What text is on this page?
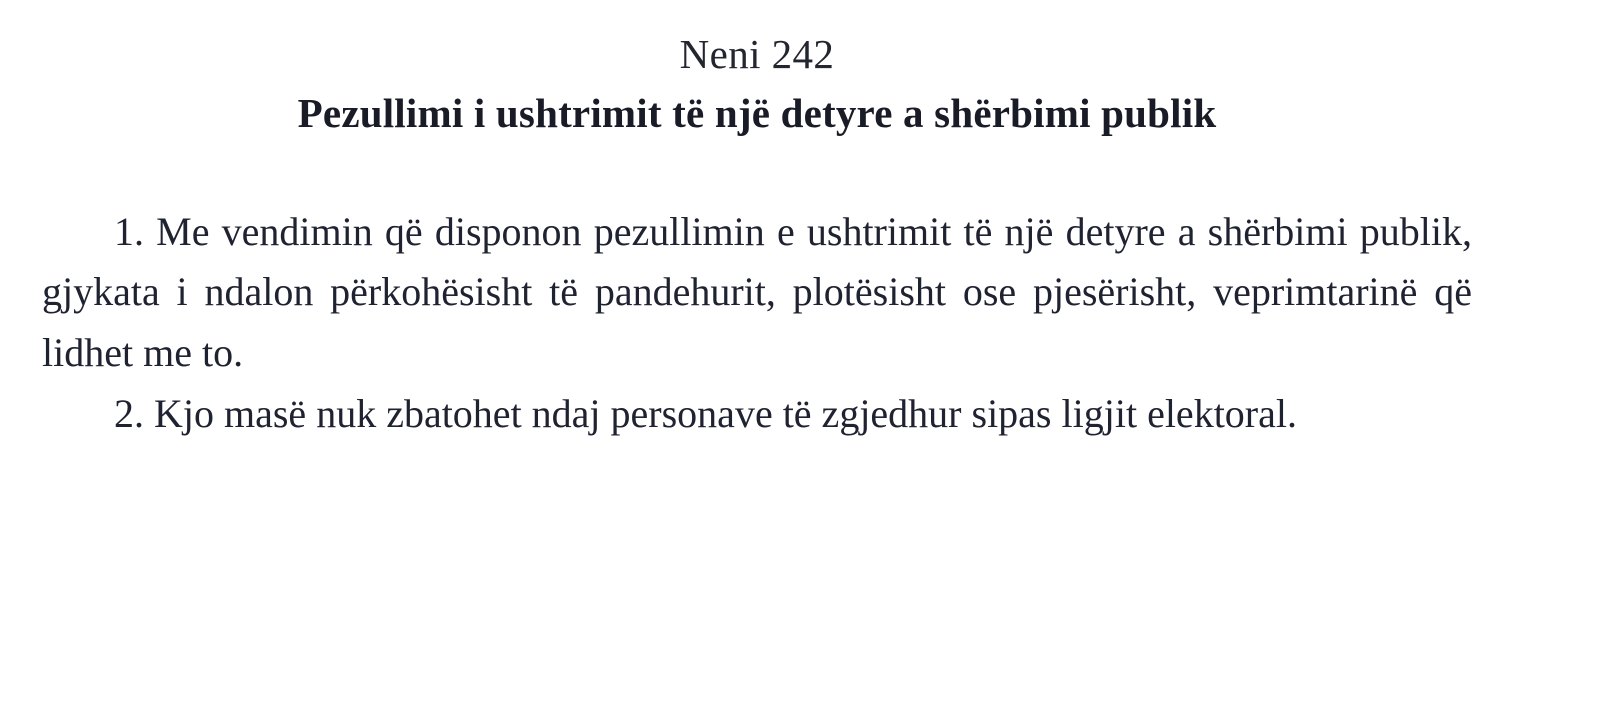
Neni 242
Pezullimi i ushtrimit të një detyre a shërbimi publik

1. Me vendimin që disponon pezullimin e ushtrimit të një detyre a shërbimi publik, gjykata i ndalon përkohësisht të pandehurit, plotësisht ose pjesërisht, veprimtarinë që lidhet me to.

2. Kjo masë nuk zbatohet ndaj personave të zgjedhur sipas ligjit elektoral.
